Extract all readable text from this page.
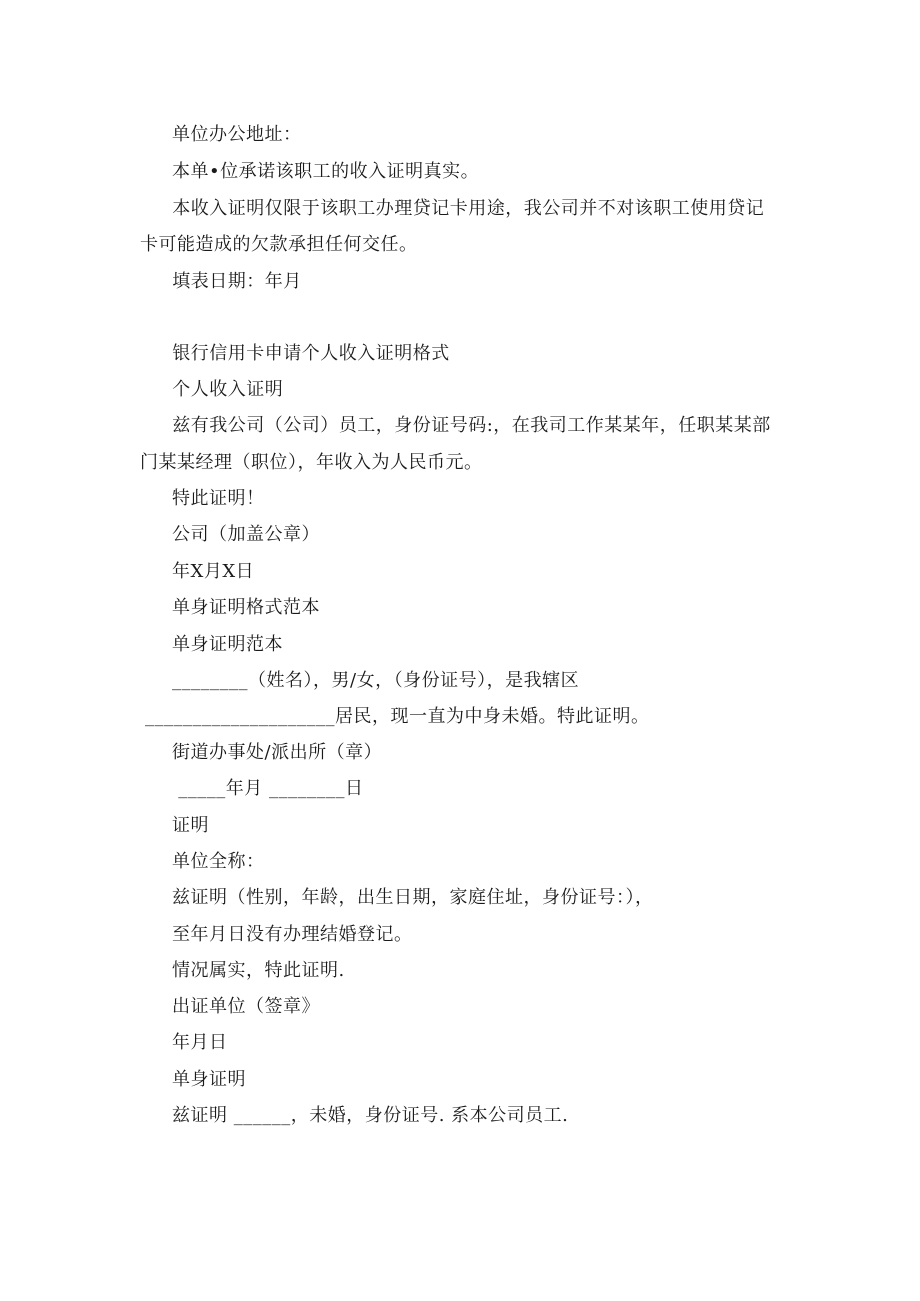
单位办公地址：
本单•位承诺该职工的收入证明真实。
本收入证明仅限于该职工办理贷记卡用途，我公司并不对该职工使用贷记
卡可能造成的欠款承担任何交任。
填表日期：年月
银行信用卡申请个人收入证明格式
个人收入证明
兹有我公司（公司）员工，身份证号码:，在我司工作某某年，任职某某部
门某某经理（职位），年收入为人民币元。
特此证明！
公司（加盖公章）
年X月X日
单身证明格式范本
单身证明范本
________（姓名），男/女，（身份证号），是我辖区
____________________居民，现一直为中身未婚。特此证明。
街道办事处/派出所（章）
_____年月 ________日
证明
单位全称：
兹证明（性别，年龄，出生日期，家庭住址，身份证号：），
至年月日没有办理结婚登记。
情况属实，特此证明.
出证单位（签章》
年月日
单身证明
兹证明 ______，未婚，身份证号. 系本公司员工.
